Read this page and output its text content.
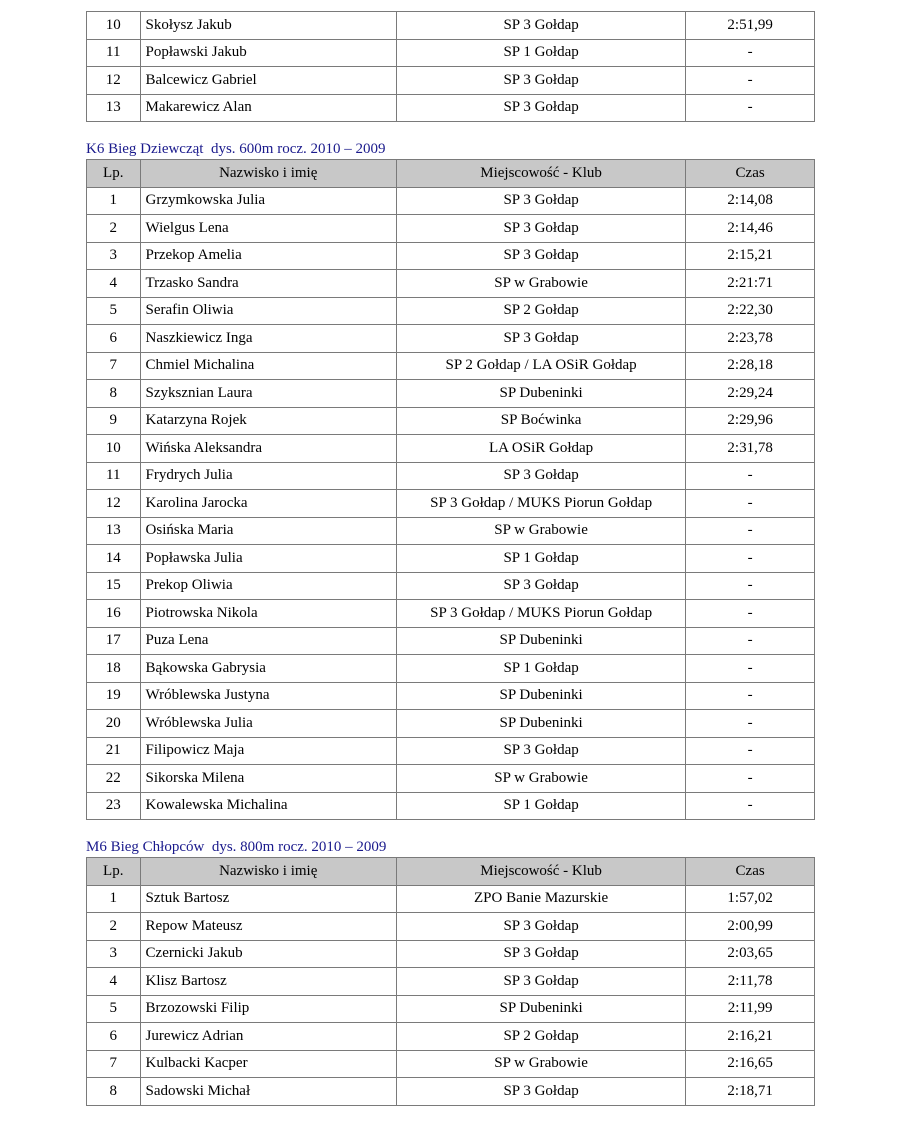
10	Skołysz Jakub	SP 3 Gołdap	2:51,99
11	Popławski Jakub	SP 1 Gołdap	-
12	Balcewicz Gabriel	SP 3 Gołdap	-
13	Makarewicz Alan	SP 3 Gołdap	-
K6 Bieg Dziewcząt  dys. 600m rocz. 2010 – 2009
Lp.	Nazwisko i imię	Miejscowość - Klub	Czas
1	Grzymkowska Julia	SP 3 Gołdap	2:14,08
2	Wielgus Lena	SP 3 Gołdap	2:14,46
3	Przekop Amelia	SP 3 Gołdap	2:15,21
4	Trzasko Sandra	SP w Grabowie	2:21:71
5	Serafin Oliwia	SP 2 Gołdap	2:22,30
6	Naszkiewicz Inga	SP 3 Gołdap	2:23,78
7	Chmiel Michalina	SP 2 Gołdap / LA OSiR Gołdap	2:28,18
8	Szyksznian Laura	SP Dubeninki	2:29,24
9	Katarzyna Rojek	SP Boćwinka	2:29,96
10	Wińska Aleksandra	LA OSiR Gołdap	2:31,78
11	Frydrych Julia	SP 3 Gołdap	-
12	Karolina Jarocka	SP 3 Gołdap / MUKS Piorun Gołdap	-
13	Osińska Maria	SP w Grabowie	-
14	Popławska Julia	SP 1 Gołdap	-
15	Prekop Oliwia	SP 3 Gołdap	-
16	Piotrowska Nikola	SP 3 Gołdap / MUKS Piorun Gołdap	-
17	Puza Lena	SP Dubeninki	-
18	Bąkowska Gabrysia	SP 1 Gołdap	-
19	Wróblewska Justyna	SP Dubeninki	-
20	Wróblewska Julia	SP Dubeninki	-
21	Filipowicz Maja	SP 3 Gołdap	-
22	Sikorska Milena	SP w Grabowie	-
23	Kowalewska Michalina	SP 1 Gołdap	-
M6 Bieg Chłopców  dys. 800m rocz. 2010 – 2009
Lp.	Nazwisko i imię	Miejscowość - Klub	Czas
1	Sztuk Bartosz	ZPO Banie Mazurskie	1:57,02
2	Repow Mateusz	SP 3 Gołdap	2:00,99
3	Czernicki Jakub	SP 3 Gołdap	2:03,65
4	Klisz Bartosz	SP 3 Gołdap	2:11,78
5	Brzozowski Filip	SP Dubeninki	2:11,99
6	Jurewicz Adrian	SP 2 Gołdap	2:16,21
7	Kulbacki Kacper	SP w Grabowie	2:16,65
8	Sadowski Michał	SP 3 Gołdap	2:18,71
